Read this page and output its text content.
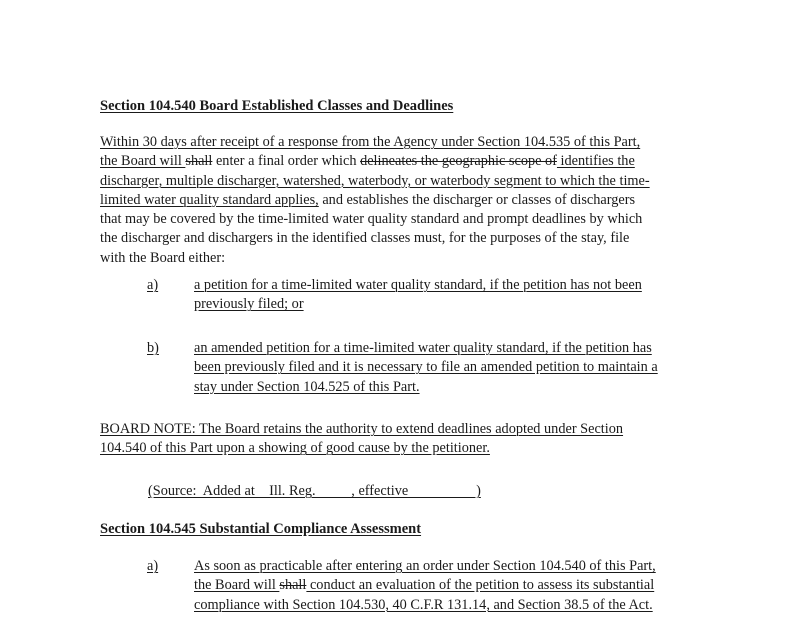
Section 104.540 Board Established Classes and Deadlines
Within 30 days after receipt of a response from the Agency under Section 104.535 of this Part,
the Board will shall enter a final order which delineates the geographic scope of identifies the
discharger, multiple discharger, watershed, waterbody, or waterbody segment to which the time-
limited water quality standard applies, and establishes the discharger or classes of dischargers
that may be covered by the time-limited water quality standard and prompt deadlines by which
the discharger and dischargers in the identified classes must, for the purposes of the stay, file
with the Board either:
a)	a petition for a time-limited water quality standard, if the petition has not been
previously filed; or
b) an amended petition for a time-limited water quality standard, if the petition has
been previously filed and it is necessary to file an amended petition to maintain a
stay under Section 104.525 of this Part.
BOARD NOTE: The Board retains the authority to extend deadlines adopted under Section
104.540 of this Part upon a showing of good cause by the petitioner.
(Source:  Added at    Ill. Reg.          , effective                   )
Section 104.545 Substantial Compliance Assessment
a)	As soon as practicable after entering an order under Section 104.540 of this Part,
the Board will shall conduct an evaluation of the petition to assess its substantial
compliance with Section 104.530, 40 C.F.R 131.14, and Section 38.5 of the Act.
